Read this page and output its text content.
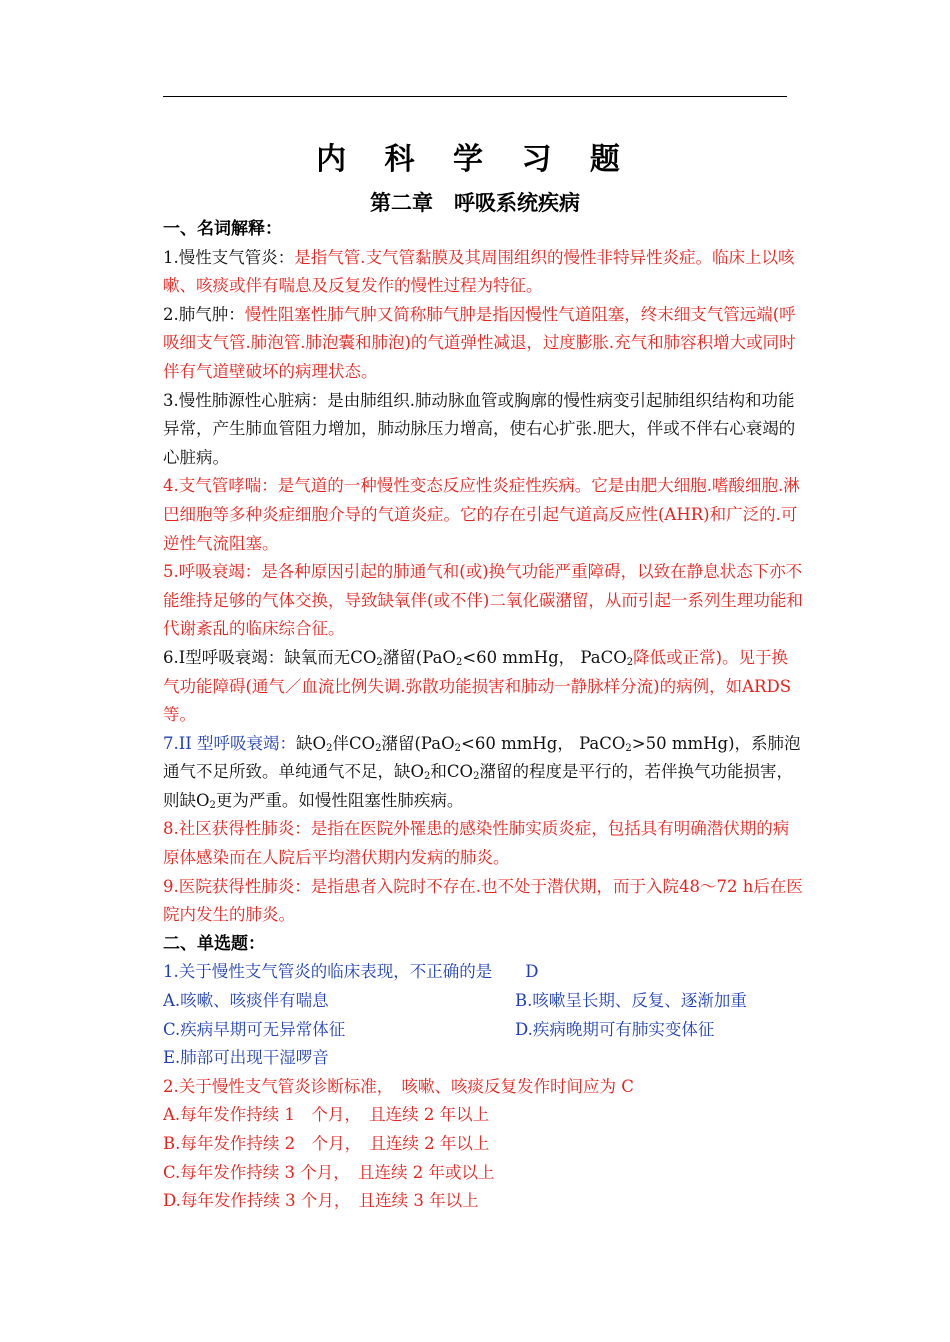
内 科 学 习 题
第二章　呼吸系统疾病
一、名词解释：

1.慢性支气管炎：是指气管.支气管黏膜及其周围组织的慢性非特异性炎症。临床上以咳嗽、咳痰或伴有喘息及反复发作的慢性过程为特征。

2.肺气肿：慢性阻塞性肺气肿又简称肺气肿是指因慢性气道阻塞，终末细支气管远端(呼吸细支气管.肺泡管.肺泡囊和肺泡)的气道弹性减退，过度膨胀.充气和肺容积增大或同时伴有气道壁破坏的病理状态。

3.慢性肺源性心脏病：是由肺组织.肺动脉血管或胸廓的慢性病变引起肺组织结构和功能异常，产生肺血管阻力增加，肺动脉压力增高，使右心扩张.肥大，伴或不伴右心衰竭的心脏病。

4.支气管哮喘：是气道的一种慢性变态反应性炎症性疾病。它是由肥大细胞.嗜酸细胞.淋巴细胞等多种炎症细胞介导的气道炎症。它的存在引起气道高反应性(AHR)和广泛的.可逆性气流阻塞。

5.呼吸衰竭：是各种原因引起的肺通气和(或)换气功能严重障碍，以致在静息状态下亦不能维持足够的气体交换，导致缺氧伴(或不伴)二氧化碳潴留，从而引起一系列生理功能和代谢紊乱的临床综合征。

6.I型呼吸衰竭：缺氧而无$CO_2$潴留(PaO$_2$<60 mmHg， PaCO$_2$降低或正常)。见于换气功能障碍(通气／血流比例失调.弥散功能损害和肺动一静脉样分流)的病例，如ARDS等。

7.II 型呼吸衰竭：缺$O_2$伴$CO_2$潴留(PaO$_2$<60 mmHg， PaCO$_2$>50 mmHg)，系肺泡通气不足所致。单纯通气不足，缺$O_2$和$CO_2$潴留的程度是平行的，若伴换气功能损害，则缺$O_2$更为严重。如慢性阻塞性肺疾病。

8.社区获得性肺炎：是指在医院外罹患的感染性肺实质炎症，包括具有明确潜伏期的病原体感染而在人院后平均潜伏期内发病的肺炎。

9.医院获得性肺炎：是指患者入院时不存在.也不处于潜伏期，而于入院48～72 h后在医院内发生的肺炎。

二、单选题：
1.关于慢性支气管炎的临床表现，不正确的是　　D
A.咳嗽、咳痰伴有喘息	B.咳嗽呈长期、反复、逐渐加重
C.疾病早期可无异常体征	D.疾病晚期可有肺实变体征
E.肺部可出现干湿啰音
2.关于慢性支气管炎诊断标准，　咳嗽、咳痰反复发作时间应为 C
A.每年发作持续 1　个月，　且连续 2 年以上
B.每年发作持续 2　个月，　且连续 2 年以上
C.每年发作持续 3 个月，　且连续 2 年或以上
D.每年发作持续 3 个月，　且连续 3 年以上
